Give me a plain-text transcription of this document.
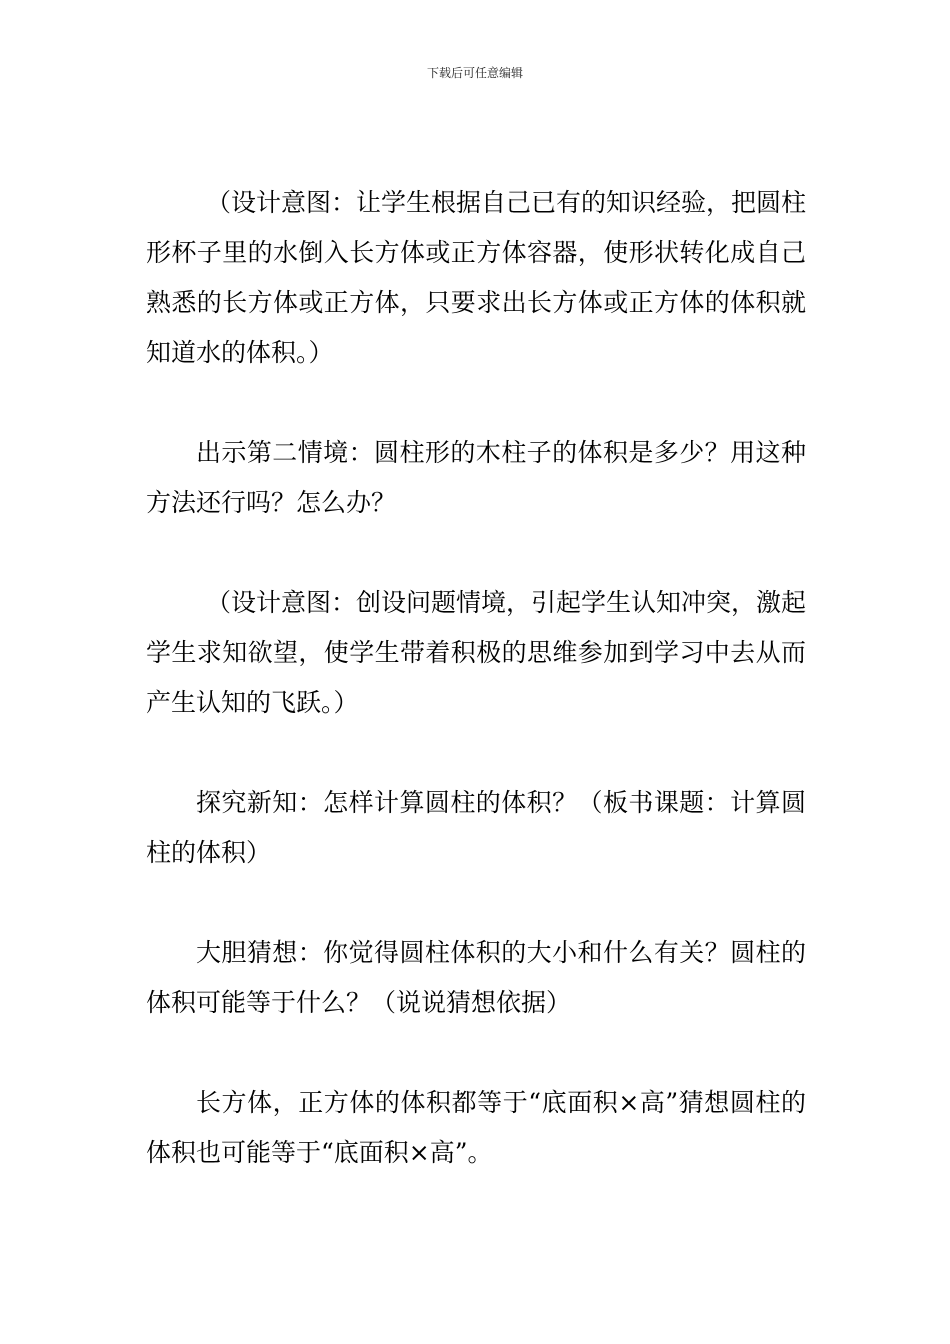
下载后可任意编辑

（设计意图：让学生根据自己已有的知识经验，把圆柱形杯子里的水倒入长方体或正方体容器，使形状转化成自己熟悉的长方体或正方体，只要求出长方体或正方体的体积就知道水的体积。）

出示第二情境：圆柱形的木柱子的体积是多少？用这种方法还行吗？怎么办？

（设计意图：创设问题情境，引起学生认知冲突，激起学生求知欲望，使学生带着积极的思维参加到学习中去从而产生认知的飞跃。）

探究新知：怎样计算圆柱的体积？（板书课题：计算圆柱的体积）

大胆猜想：你觉得圆柱体积的大小和什么有关？圆柱的体积可能等于什么？（说说猜想依据）

长方体，正方体的体积都等于“底面积×高”猜想圆柱的体积也可能等于“底面积×高”。
